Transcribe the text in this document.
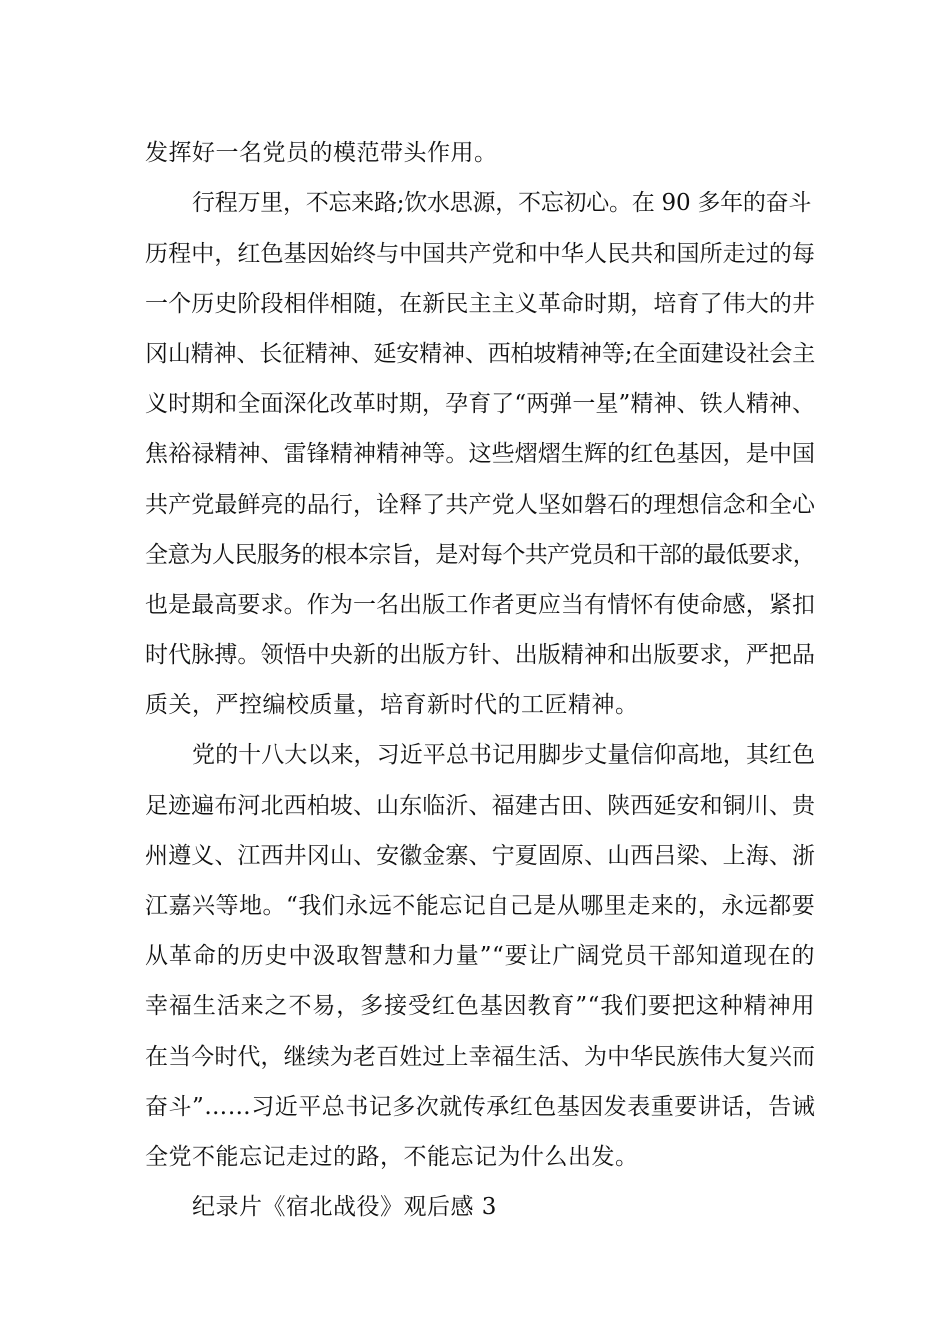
发挥好一名党员的模范带头作用。
行程万里，不忘来路;饮水思源，不忘初心。在 90 多年的奋斗
历程中，红色基因始终与中国共产党和中华人民共和国所走过的每
一个历史阶段相伴相随，在新民主主义革命时期，培育了伟大的井
冈山精神、长征精神、延安精神、西柏坡精神等;在全面建设社会主
义时期和全面深化改革时期，孕育了“两弹一星”精神、铁人精神、
焦裕禄精神、雷锋精神精神等。这些熠熠生辉的红色基因，是中国
共产党最鲜亮的品行，诠释了共产党人坚如磐石的理想信念和全心
全意为人民服务的根本宗旨，是对每个共产党员和干部的最低要求，
也是最高要求。作为一名出版工作者更应当有情怀有使命感，紧扣
时代脉搏。领悟中央新的出版方针、出版精神和出版要求，严把品
质关，严控编校质量，培育新时代的工匠精神。
党的十八大以来，习近平总书记用脚步丈量信仰高地，其红色
足迹遍布河北西柏坡、山东临沂、福建古田、陕西延安和铜川、贵
州遵义、江西井冈山、安徽金寨、宁夏固原、山西吕梁、上海、浙
江嘉兴等地。“我们永远不能忘记自己是从哪里走来的，永远都要
从革命的历史中汲取智慧和力量”“要让广阔党员干部知道现在的
幸福生活来之不易，多接受红色基因教育”“我们要把这种精神用
在当今时代，继续为老百姓过上幸福生活、为中华民族伟大复兴而
奋斗”……习近平总书记多次就传承红色基因发表重要讲话，告诫
全党不能忘记走过的路，不能忘记为什么出发。
纪录片《宿北战役》观后感 3
